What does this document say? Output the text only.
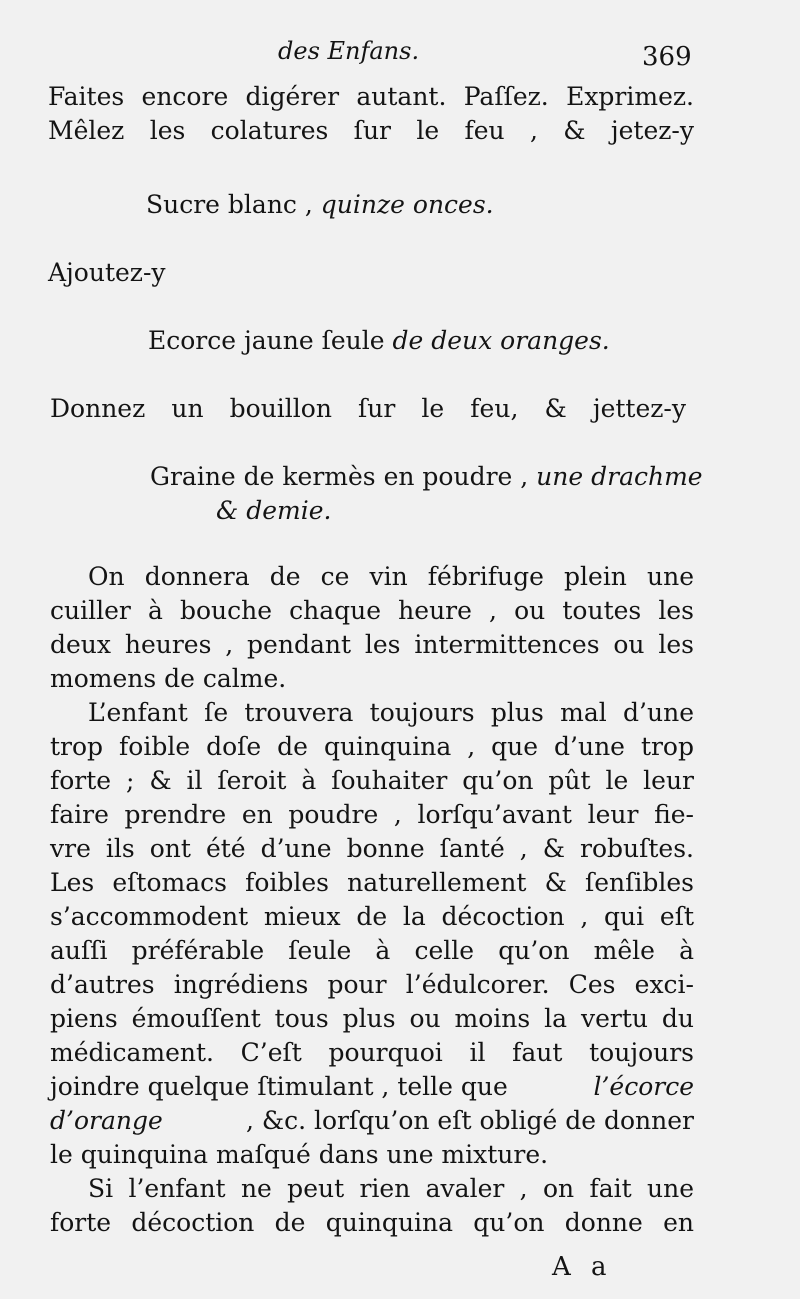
des Enfans.	369
Faites encore digérer autant. Paſſez. Exprimez.
Mêlez les colatures ſur le feu , & jetez-y
Sucre blanc , quinze onces.
Ajoutez-y
Ecorce jaune ſeule de deux oranges.
Donnez un bouillon ſur le feu, & jettez-y
Graine de kermès en poudre , une drachme
& demie.
On donnera de ce vin fébrifuge plein une
cuiller à bouche chaque heure , ou toutes les
deux heures , pendant les intermittences ou les
momens de calme.
L’enfant ſe trouvera toujours plus mal d’une
trop foible doſe de quinquina , que d’une trop
forte ; & il ſeroit à ſouhaiter qu’on pût le leur
faire prendre en poudre , lorſqu’avant leur fie-
vre ils ont été d’une bonne ſanté , & robuſtes.
Les eſtomacs foibles naturellement & ſenſibles
s’accommodent mieux de la décoction , qui eſt
auſſi préférable ſeule à celle qu’on mêle à
d’autres ingrédiens pour l’édulcorer. Ces exci-
piens émouſſent tous plus ou moins la vertu du
médicament. C’eſt pourquoi il faut toujours
joindre quelque ſtimulant , telle que	l’écorce
d’orange	, &c. lorſqu’on eſt obligé de donner
le quinquina maſqué dans une mixture.
Si l’enfant ne peut rien avaler , on fait une
forte décoction de quinquina qu’on donne en
A a
